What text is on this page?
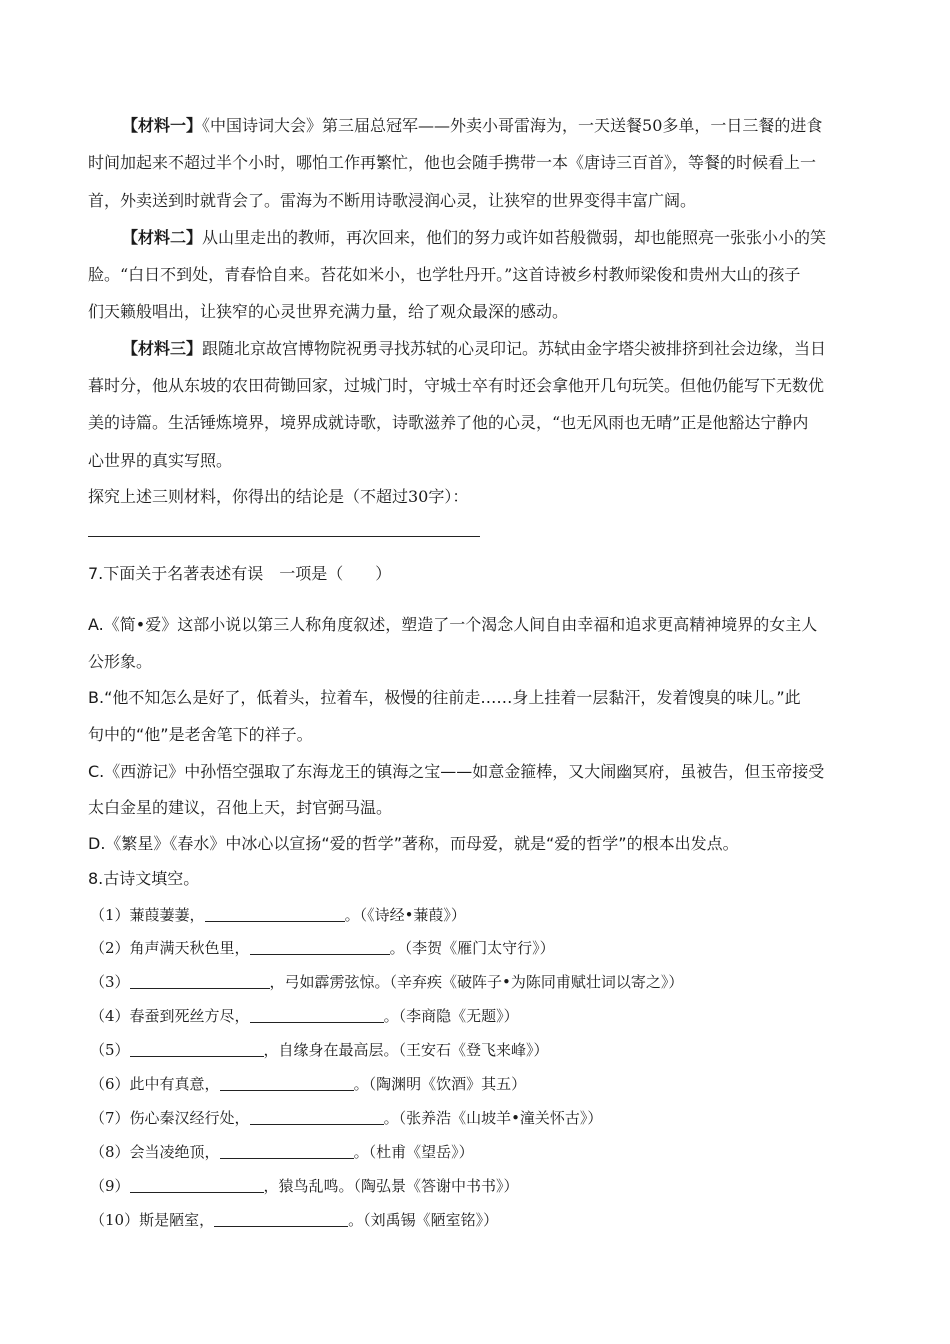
【材料一】《中国诗词大会》第三届总冠军——外卖小哥雷海为，一天送餐50多单，一日三餐的进食
时间加起来不超过半个小时，哪怕工作再繁忙，他也会随手携带一本《唐诗三百首》，等餐的时候看上一
首，外卖送到时就背会了。雷海为不断用诗歌浸润心灵，让狭窄的世界变得丰富广阔。
【材料二】从山里走出的教师，再次回来，他们的努力或许如苔般微弱，却也能照亮一张张小小的笑
脸。“白日不到处，青春恰自来。苔花如米小，也学牡丹开。”这首诗被乡村教师梁俊和贵州大山的孩子
们天籁般唱出，让狭窄的心灵世界充满力量，给了观众最深的感动。
【材料三】跟随北京故宫博物院祝勇寻找苏轼的心灵印记。苏轼由金字塔尖被排挤到社会边缘，当日
暮时分，他从东坡的农田荷锄回家，过城门时，守城士卒有时还会拿他开几句玩笑。但他仍能写下无数优
美的诗篇。生活锤炼境界，境界成就诗歌，诗歌滋养了他的心灵，“也无风雨也无晴”正是他豁达宁静内
心世界的真实写照。
探究上述三则材料，你得出的结论是（不超过30字）：
7.下面关于名著表述有误　一项是（　　）
A.《简•爱》这部小说以第三人称角度叙述，塑造了一个渴念人间自由幸福和追求更高精神境界的女主人
公形象。
B.“他不知怎么是好了，低着头，拉着车，极慢的往前走……身上挂着一层黏汗，发着馊臭的味儿。”此
句中的“他”是老舍笔下的祥子。
C.《西游记》中孙悟空强取了东海龙王的镇海之宝——如意金箍棒，又大闹幽冥府，虽被告，但玉帝接受
太白金星的建议，召他上天，封官弼马温。
D.《繁星》《春水》中冰心以宣扬“爱的哲学”著称，而母爱，就是“爱的哲学”的根本出发点。
8.古诗文填空。
（1）蒹葭萋萋，	。（《诗经•蒹葭》）
（2）角声满天秋色里，	。（李贺《雁门太守行》）
（3）	，弓如霹雳弦惊。（辛弃疾《破阵子•为陈同甫赋壮词以寄之》）
（4）春蚕到死丝方尽，	。（李商隐《无题》）
（5）	，自缘身在最高层。（王安石《登飞来峰》）
（6）此中有真意，	。（陶渊明《饮酒》其五）
（7）伤心秦汉经行处，	。（张养浩《山坡羊•潼关怀古》）
（8）会当凌绝顶，	。（杜甫《望岳》）
（9）	，猿鸟乱鸣。（陶弘景《答谢中书书》）
（10）斯是陋室，	。（刘禹锡《陋室铭》）
